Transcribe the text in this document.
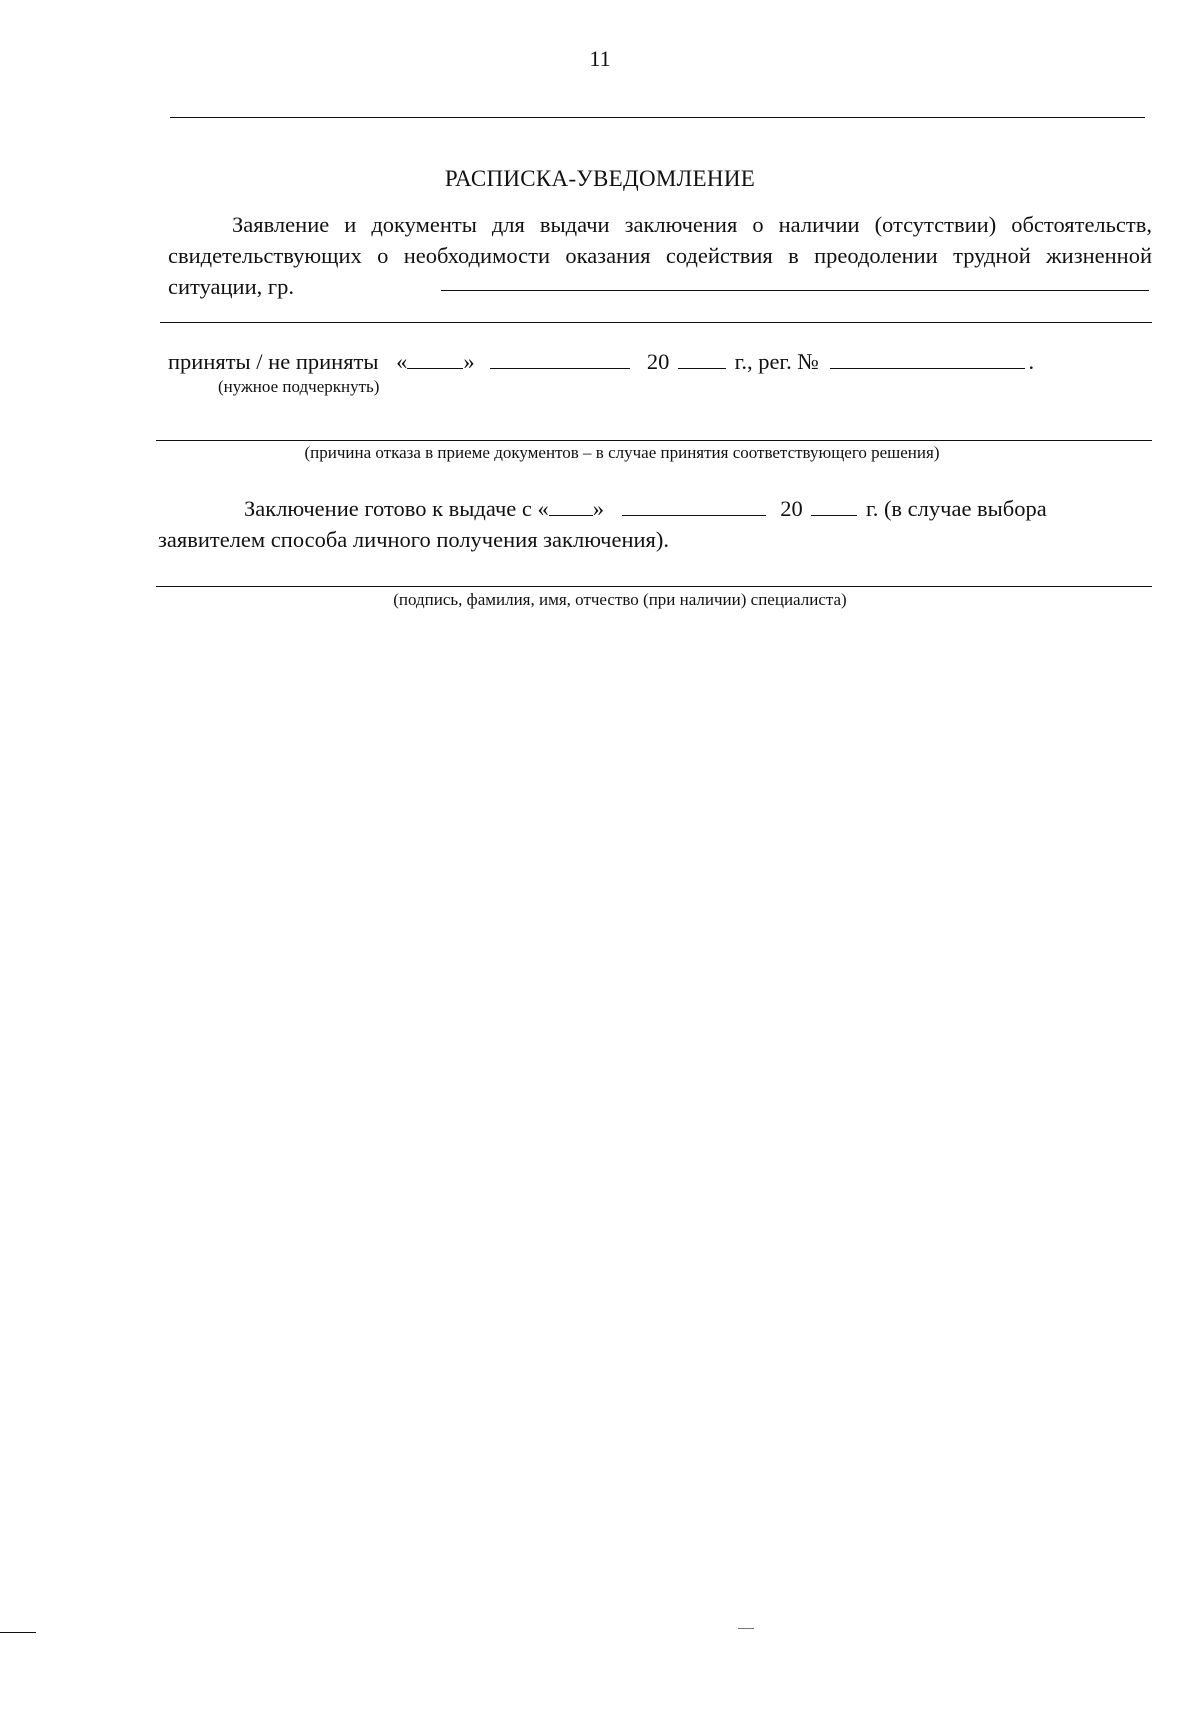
11
РАСПИСКА-УВЕДОМЛЕНИЕ
Заявление и документы для выдачи заключения о наличии (отсутствии) обстоятельств, свидетельствующих о необходимости оказания содействия в преодолении трудной жизненной ситуации, гр.
приняты / не приняты « »	20	г., рег. №	.
(нужное подчеркнуть)
(причина отказа в приеме документов – в случае принятия соответствующего решения)
Заключение готово к выдаче с « »	20	г. (в случае выбора заявителем способа личного получения заключения).
(подпись, фамилия, имя, отчество (при наличии) специалиста)
